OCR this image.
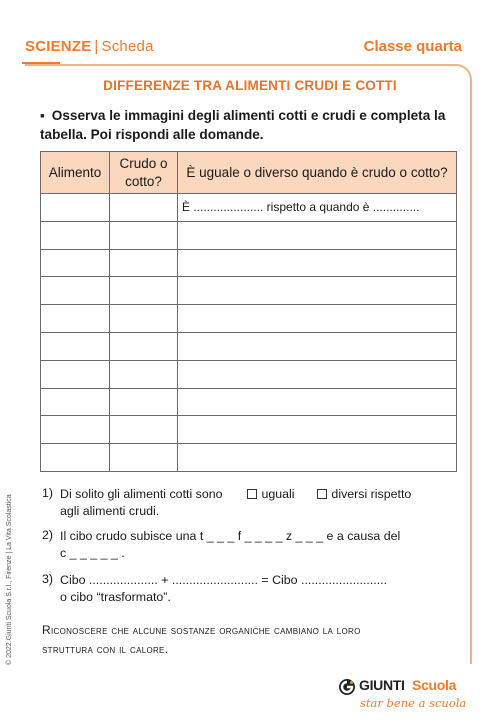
SCIENZE | Scheda	Classe quarta
DIFFERENZE TRA ALIMENTI CRUDI E COTTI
▪ Osserva le immagini degli alimenti cotti e crudi e completa la tabella. Poi rispondi alle domande.
Alimento	Crudo o cotto?	È uguale o diverso quando è crudo o cotto?
		È ..................... rispetto a quando è ..............

1) Di solito gli alimenti cotti sono	uguali	diversi rispetto
agli alimenti crudi.
2) Il cibo crudo subisce una t _ _ _ f _ _ _ _ z _ _ _ e a causa del
c _ _ _ _ _ .
3) Cibo .................... + ......................... = Cibo .........................
o cibo “trasformato”.
Riconoscere che alcune sostanze organiche cambiano la loro
struttura con il calore.
© 2022 Giunti Scuola S.r.l., Firenze | La Vita Scolastica
GIUNTI Scuola
star bene a scuola
